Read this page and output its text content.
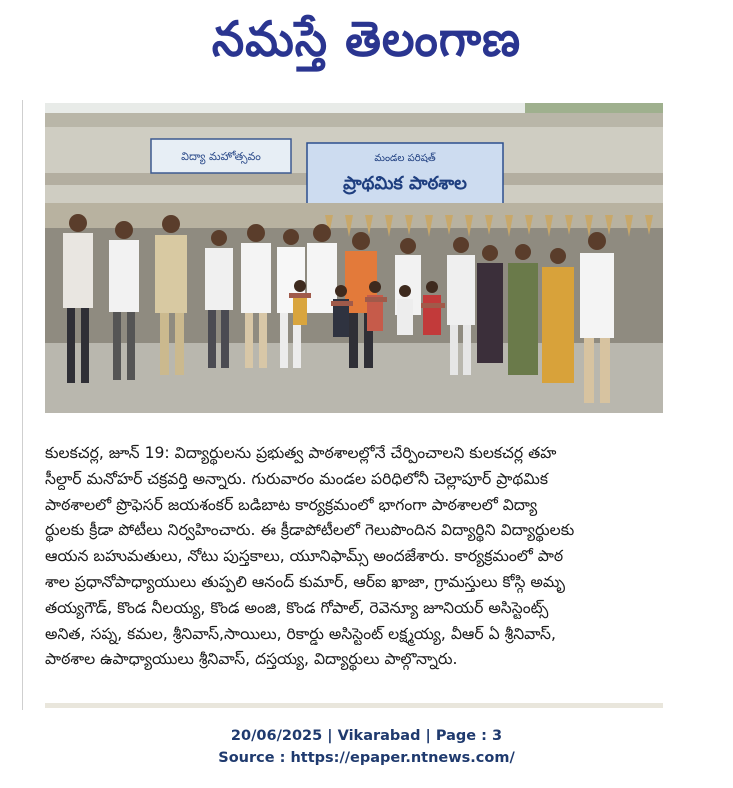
నమస్తే తెలంగాణ
విద్యా మహోత్సవం	మండల పరిషత్
ప్రాథమిక పాఠశాల
కులకచర్ల, జూన్ 19: విద్యార్థులను ప్రభుత్వ పాఠశాలల్లోనే చేర్పించాలని కులకచర్ల తహ
సీల్దార్ మనోహర్ చక్రవర్తి అన్నారు. గురువారం మండల పరిధిలోనీ చెల్లాపూర్ ప్రాథమిక
పాఠశాలలో ప్రొఫెసర్ జయశంకర్ బడిబాట కార్యక్రమంలో భాగంగా పాఠశాలలో విద్యా
ర్థులకు క్రీడా పోటీలు నిర్వహించారు. ఈ క్రీడాపోటీలలో గెలుపొందిన విద్యార్థిని విద్యార్థులకు
ఆయన బహుమతులు, నోటు పుస్తకాలు, యూనిఫామ్స్ అందజేశారు. కార్యక్రమంలో పాఠ
శాల ప్రధానోపాధ్యాయులు తుప్పలి ఆనంద్ కుమార్, ఆర్ఐ ఖాజా, గ్రామస్తులు కోస్గి అమృ
తయ్యగౌడ్, కొండ నీలయ్య, కొండ అంజి, కొండ గోపాల్, రెవెన్యూ జూనియర్ అసిస్టెంట్స్
అనిత, సప్న, కమల, శ్రీనివాస్,సాయిలు, రికార్డు అసిస్టెంట్ లక్ష్మయ్య, వీఆర్ ఏ శ్రీనివాస్,
పాఠశాల ఉపాధ్యాయులు శ్రీనివాస్, దస్తయ్య, విద్యార్థులు పాల్గొన్నారు.
20/06/2025 | Vikarabad | Page : 3
Source : https://epaper.ntnews.com/
